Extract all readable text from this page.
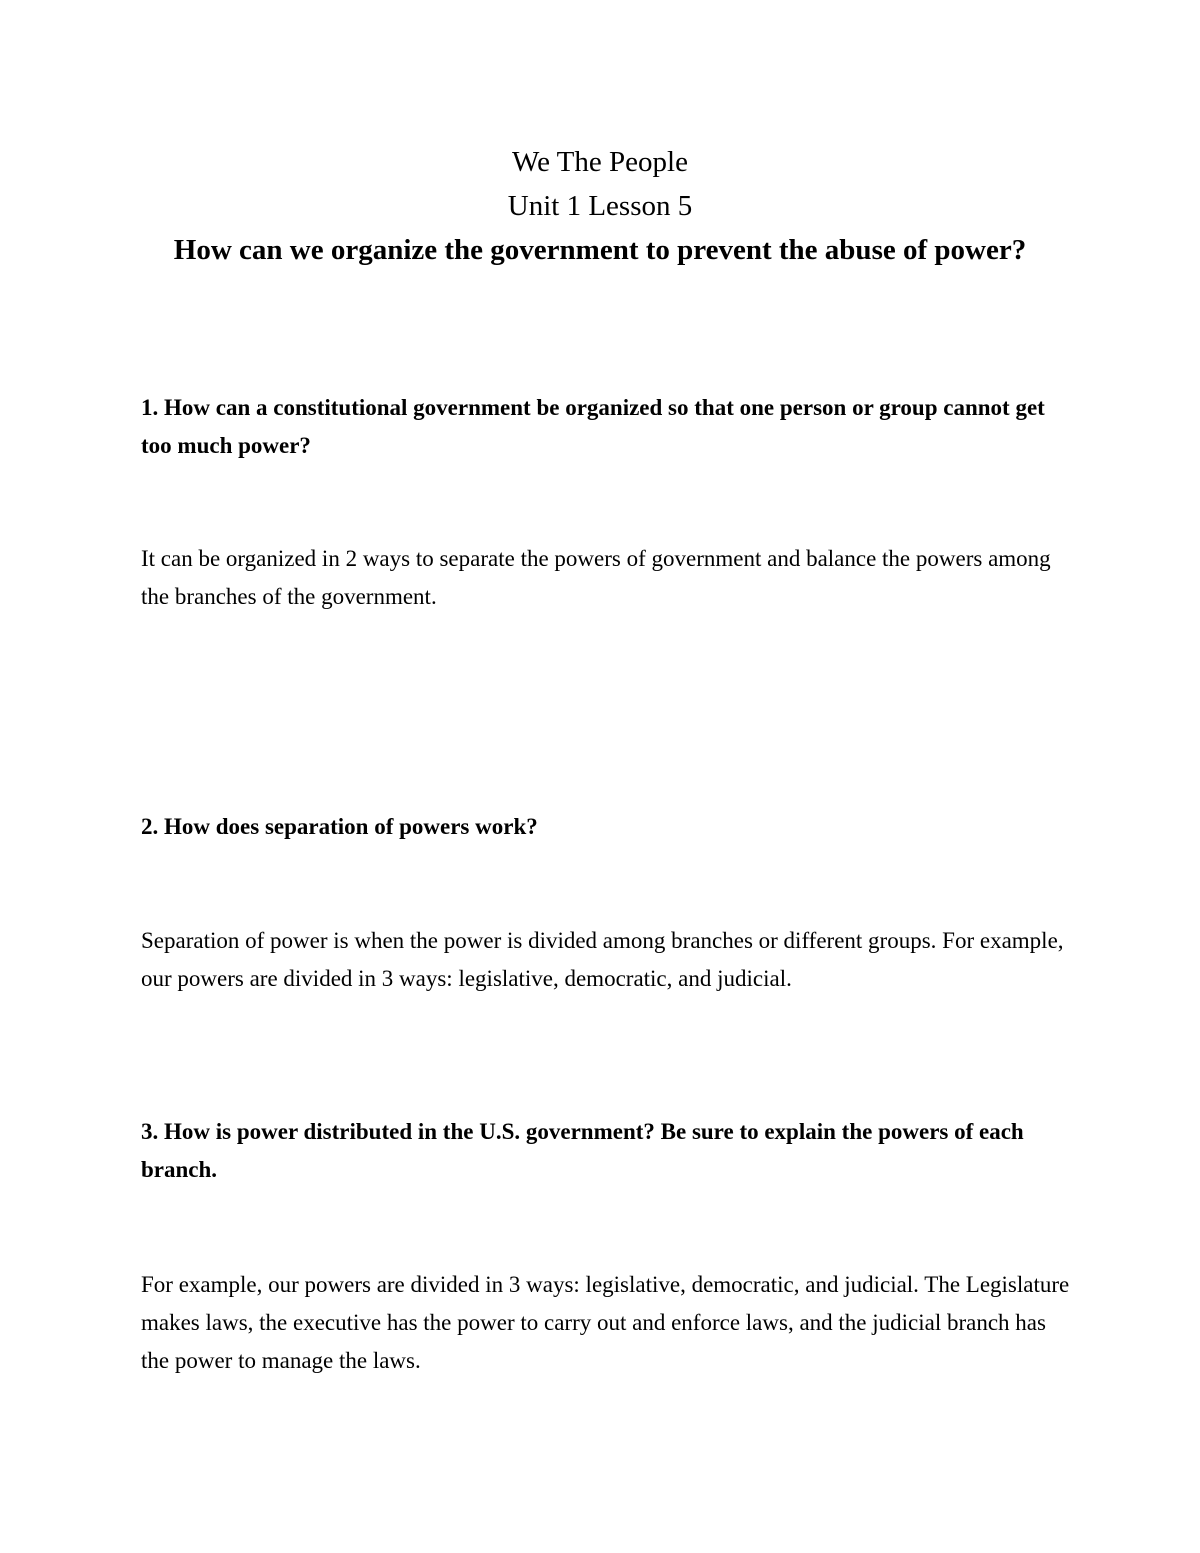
We The People
Unit 1 Lesson 5
How can we organize the government to prevent the abuse of power?
1. How can a constitutional government be organized so that one person or group cannot get too much power?
It can be organized in 2 ways to separate the powers of government and balance the powers among the branches of the government.
2. How does separation of powers work?
Separation of power is when the power is divided among branches or different groups. For example, our powers are divided in 3 ways: legislative, democratic, and judicial.
3. How is power distributed in the U.S. government? Be sure to explain the powers of each branch.
For example, our powers are divided in 3 ways: legislative, democratic, and judicial. The Legislature makes laws, the executive has the power to carry out and enforce laws, and the judicial branch has the power to manage the laws.
